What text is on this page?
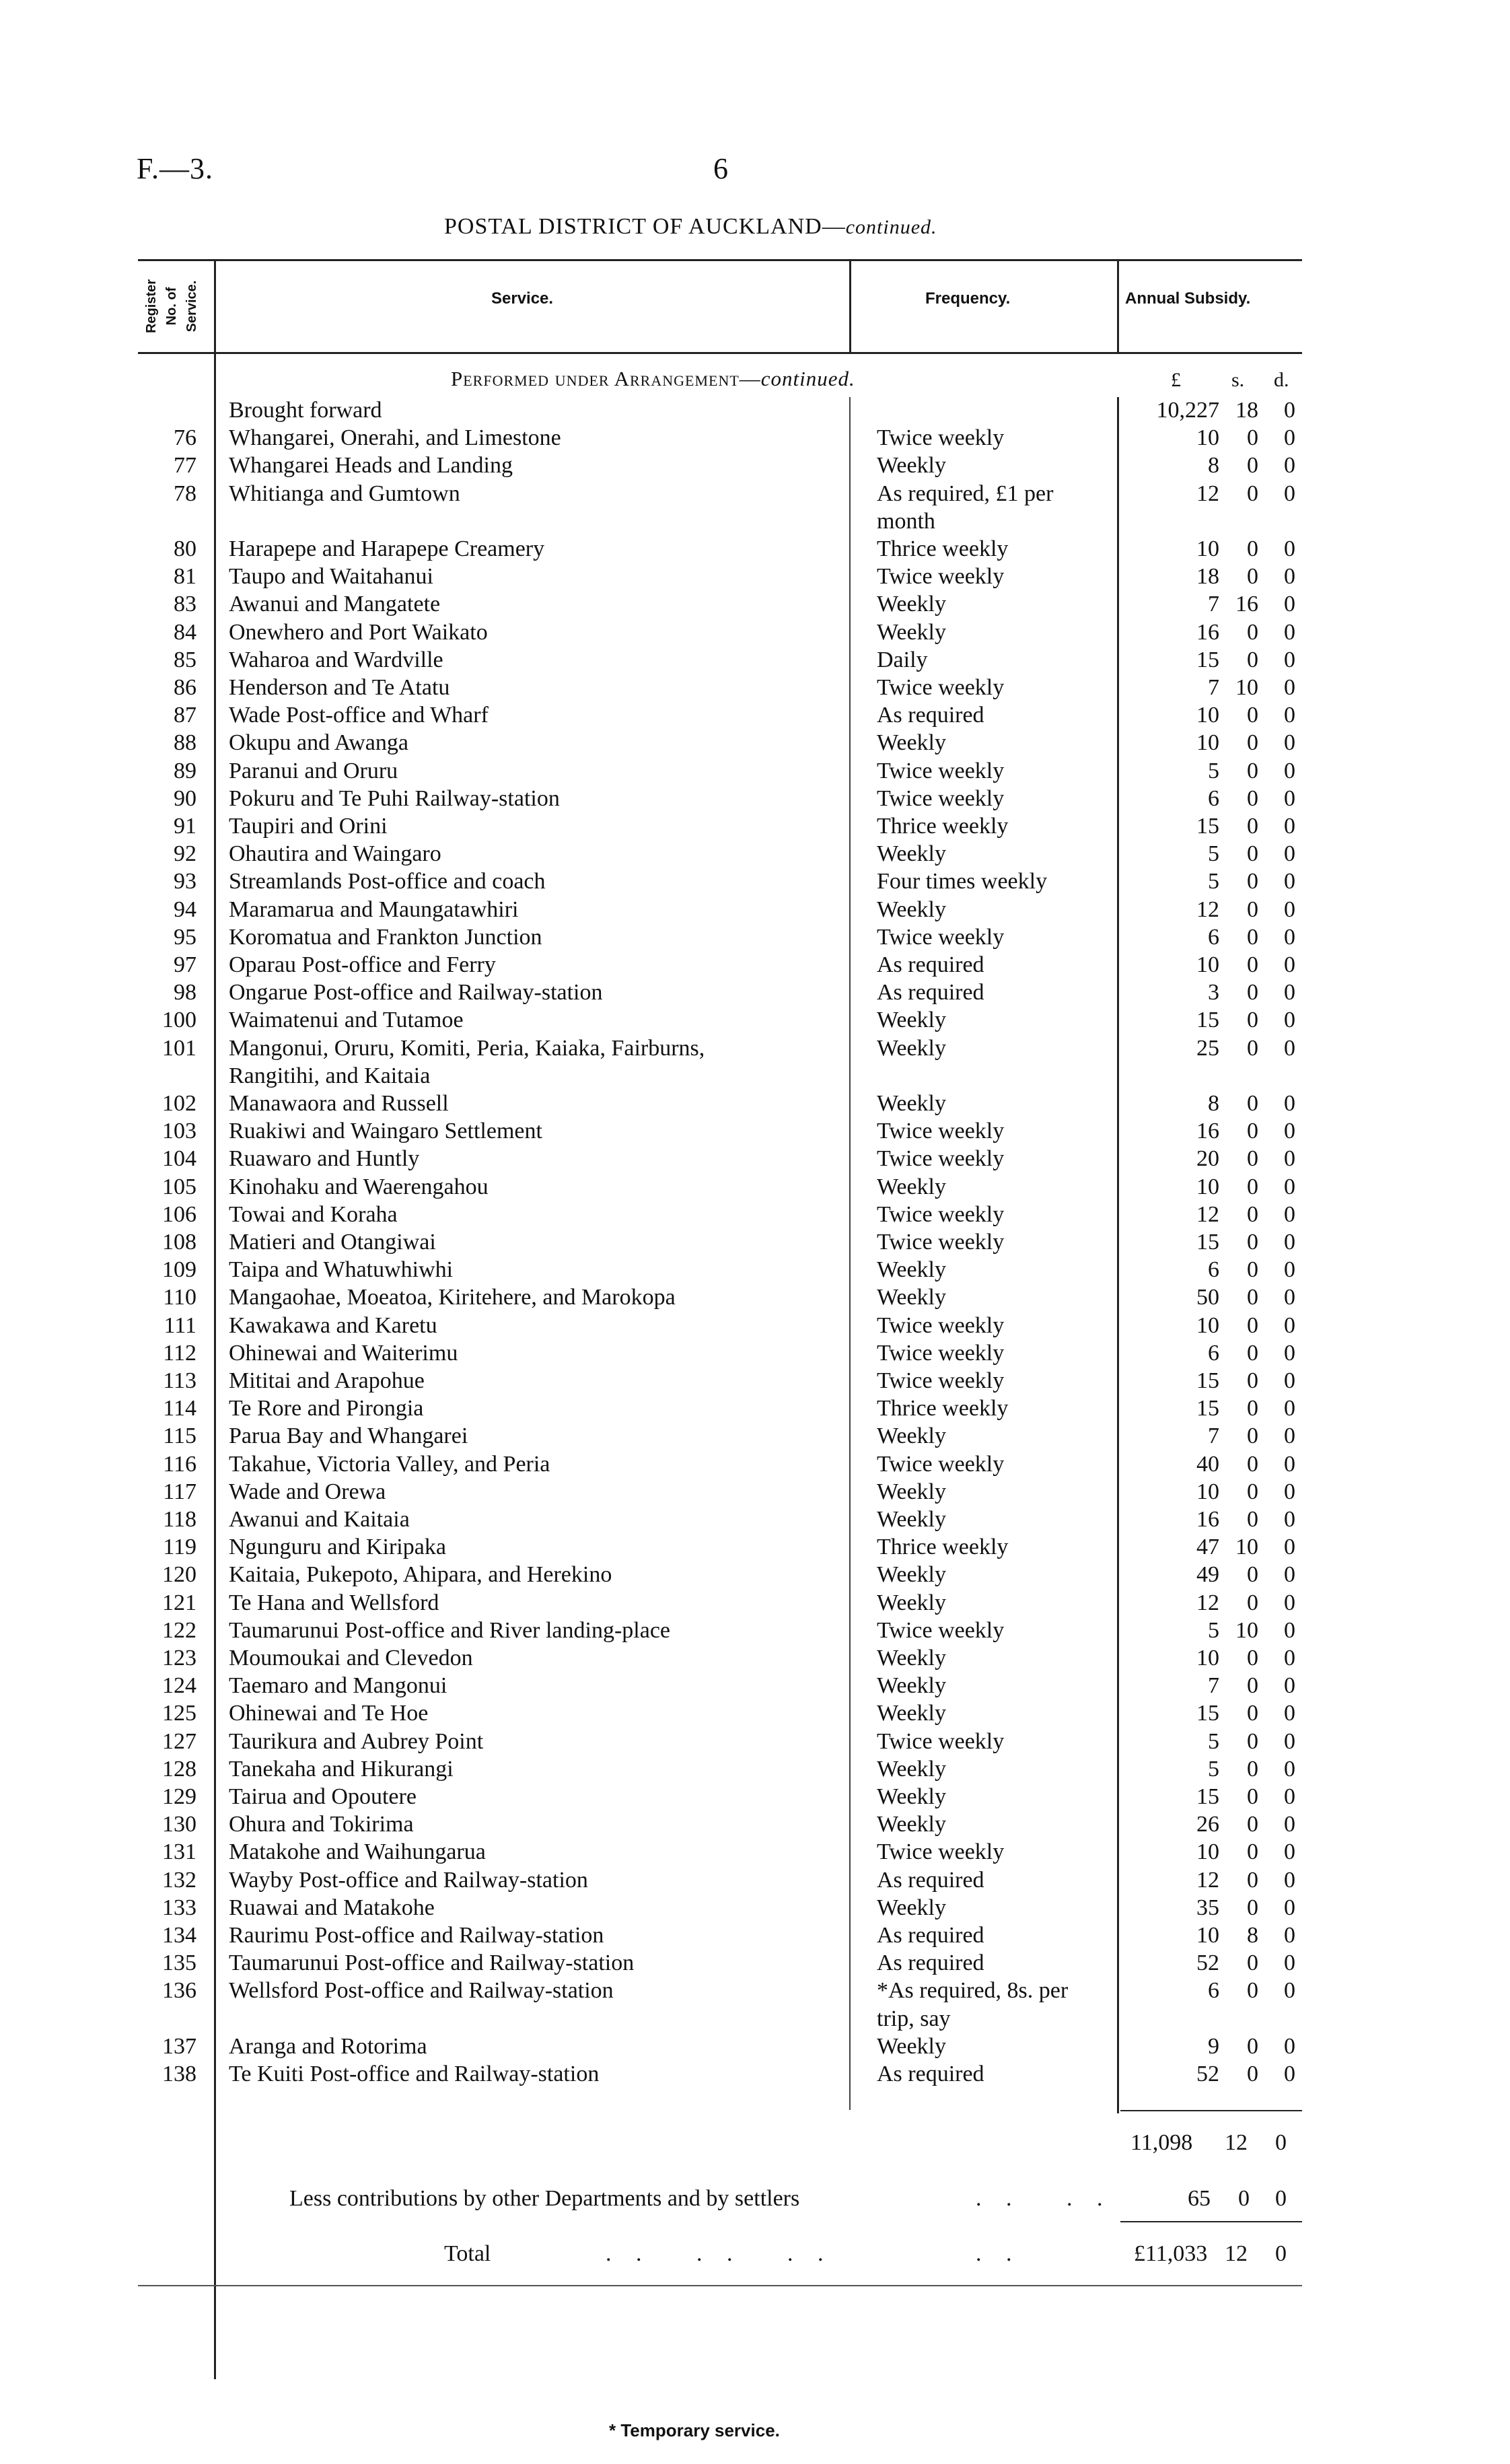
F.—3.	6
POSTAL DISTRICT OF AUCKLAND—continued.
Register No. of Service.	Service.	Frequency.	Annual Subsidy.
Performed under Arrangement—continued.	£	s. d.
Brought forward	10,227 18	0
76 Whangarei, Onerahi, and Limestone	Twice weekly	10	0	0
77 Whangarei Heads and Landing	Weekly	8	0	0
78 Whitianga and Gumtown	As required, £1 per	12	0	0
month
80 Harapepe and Harapepe Creamery	Thrice weekly	10	0	0
81 Taupo and Waitahanui	Twice weekly	18	0	0
83 Awanui and Mangatete	Weekly	7 16	0
84 Onewhero and Port Waikato	Weekly	16	0	0
85 Waharoa and Wardville	Daily	15	0	0
86 Henderson and Te Atatu	Twice weekly	7 10	0
87 Wade Post-office and Wharf	As required	10	0	0
88 Okupu and Awanga	Weekly	10	0	0
89 Paranui and Oruru	Twice weekly	5	0	0
90 Pokuru and Te Puhi Railway-station	Twice weekly	6	0	0
91 Taupiri and Orini	Thrice weekly	15	0	0
92 Ohautira and Waingaro	Weekly	5	0	0
93 Streamlands Post-office and coach	Four times weekly	5	0	0
94 Maramarua and Maungatawhiri	Weekly	12	0	0
95 Koromatua and Frankton Junction	Twice weekly	6	0	0
97 Oparau Post-office and Ferry	As required	10	0	0
98 Ongarue Post-office and Railway-station	As required	3	0	0
100 Waimatenui and Tutamoe	Weekly	15	0	0
101 Mangonui, Oruru, Komiti, Peria, Kaiaka, Fairburns,	Weekly	25	0	0
Rangitihi, and Kaitaia
102 Manawaora and Russell	Weekly	8	0	0
103 Ruakiwi and Waingaro Settlement	Twice weekly	16	0	0
104 Ruawaro and Huntly	Twice weekly	20	0	0
105 Kinohaku and Waerengahou	Weekly	10	0	0
106 Towai and Koraha	Twice weekly	12	0	0
108 Matieri and Otangiwai	Twice weekly	15	0	0
109 Taipa and Whatuwhiwhi	Weekly	6	0	0
110 Mangaohae, Moeatoa, Kiritehere, and Marokopa	Weekly	50	0	0
111 Kawakawa and Karetu	Twice weekly	10	0	0
112 Ohinewai and Waiterimu	Twice weekly	6	0	0
113 Mititai and Arapohue	Twice weekly	15	0	0
114 Te Rore and Pirongia	Thrice weekly	15	0	0
115 Parua Bay and Whangarei	Weekly	7	0	0
116 Takahue, Victoria Valley, and Peria	Twice weekly	40	0	0
117 Wade and Orewa	Weekly	10	0	0
118 Awanui and Kaitaia	Weekly	16	0	0
119 Ngunguru and Kiripaka	Thrice weekly	47 10	0
120 Kaitaia, Pukepoto, Ahipara, and Herekino	Weekly	49	0	0
121 Te Hana and Wellsford	Weekly	12	0	0
122 Taumarunui Post-office and River landing-place	Twice weekly	5 10	0
123 Moumoukai and Clevedon	Weekly	10	0	0
124 Taemaro and Mangonui	Weekly	7	0	0
125 Ohinewai and Te Hoe	Weekly	15	0	0
127 Taurikura and Aubrey Point	Twice weekly	5	0	0
128 Tanekaha and Hikurangi	Weekly	5	0	0
129 Tairua and Opoutere	Weekly	15	0	0
130 Ohura and Tokirima	Weekly	26	0	0
131 Matakohe and Waihungarua	Twice weekly	10	0	0
132 Wayby Post-office and Railway-station	As required	12	0	0
133 Ruawai and Matakohe	Weekly	35	0	0
134 Raurimu Post-office and Railway-station	As required	10	8	0
135 Taumarunui Post-office and Railway-station	As required	52	0	0
136 Wellsford Post-office and Railway-station	*As required, 8s. per	6	0	0
trip, say
137 Aranga and Rotorima	Weekly	9	0	0
138 Te Kuiti Post-office and Railway-station	As required	52	0	0
11,098 12 0
Less contributions by other Departments and by settlers	. .   . .	65 0 0
Total	. .   . .   . .	. .	£11,033 12 0
* Temporary service.
